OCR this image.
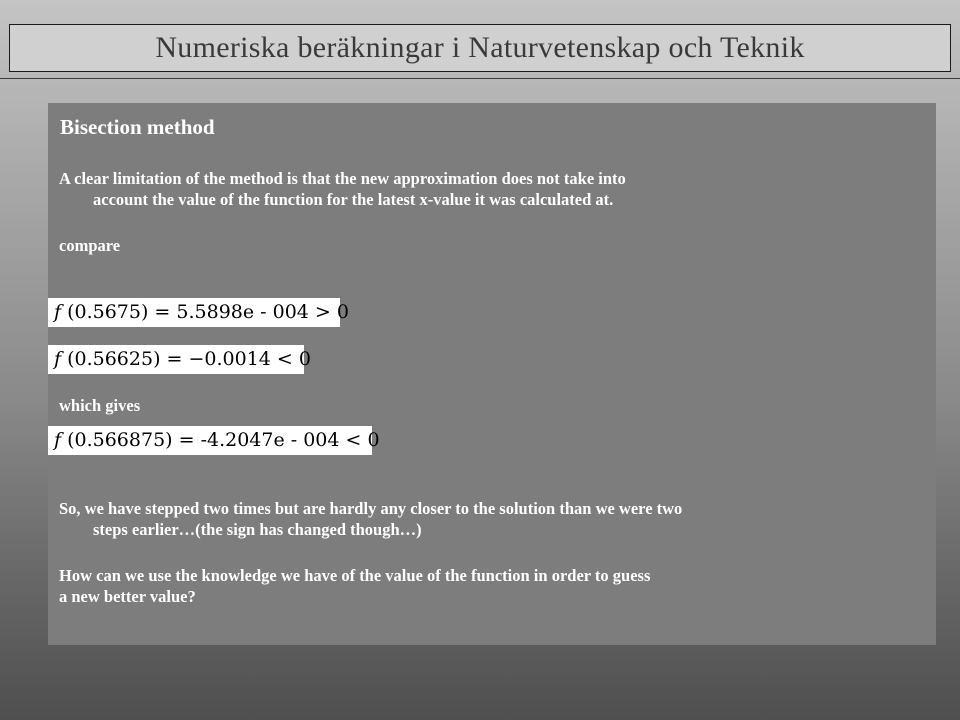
Numeriska beräkningar i Naturvetenskap och Teknik
Bisection method
A clear limitation of the method is that the new approximation does not take into
account the value of the function for the latest x-value it was calculated at.
compare
f (0.5675) = 5.5898e - 004 > 0
f (0.56625) = −0.0014 < 0
which gives
f (0.566875) = -4.2047e - 004 < 0
So, we have stepped two times but are hardly any closer to the solution than we were two
steps earlier…(the sign has changed though…)
How can we use the knowledge we have of the value of the function in order to guess
a new better value?
